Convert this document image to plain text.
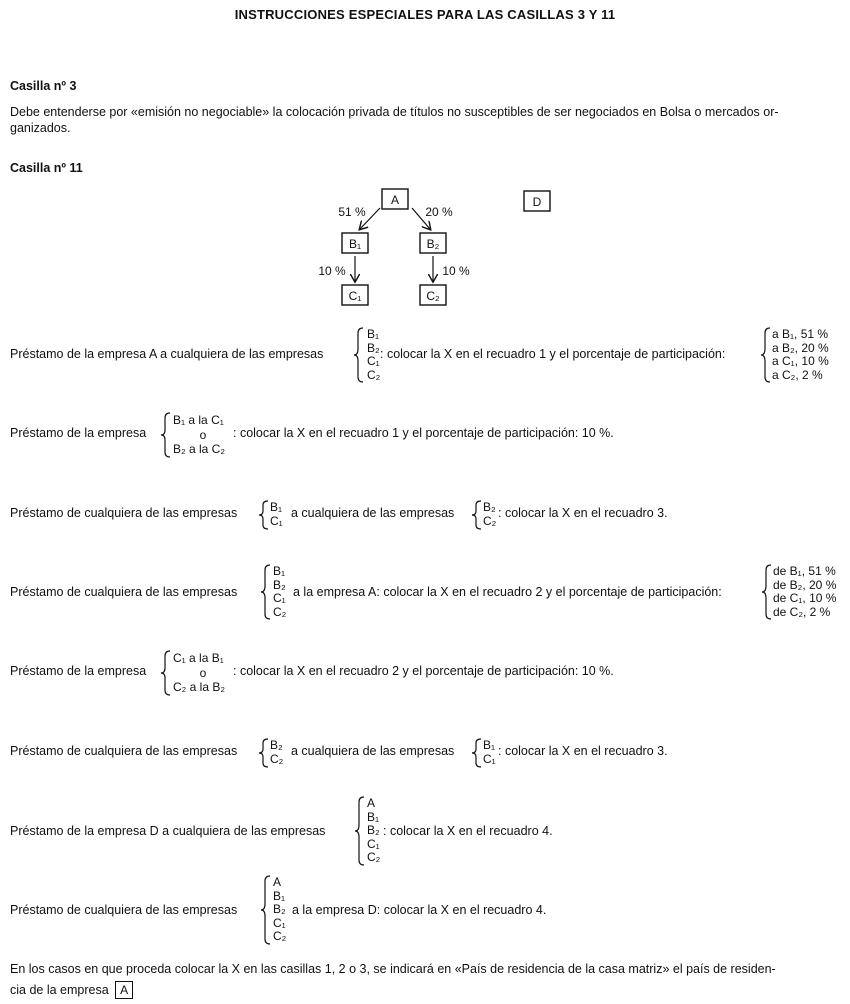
INSTRUCCIONES ESPECIALES PARA LAS CASILLAS 3 Y 11
Casilla nº 3
Debe entenderse por «emisión no negociable» la colocación privada de títulos no susceptibles de ser negociados en Bolsa o mercados or-
ganizados.
Casilla nº 11
A	D
B₁	B₂
C₁	C₂
51 %	20 %
10 %	10 %
Préstamo de la empresa A a cualquiera de las empresas
B₁
B₂
C₁
C₂
: colocar la X en el recuadro 1 y el porcentaje de participación:
a B₁, 51 %
a B₂, 20 %
a C₁, 10 %
a C₂, 2 %
Préstamo de la empresa
B₁ a la C₁
o
B₂ a la C₂
: colocar la X en el recuadro 1 y el porcentaje de participación: 10 %.
Préstamo de cualquiera de las empresas	B₁
C₁
a cualquiera de las empresas B₂
C₂
: colocar la X en el recuadro 3.
Préstamo de cualquiera de las empresas
B₁
B₂
C₁
C₂
a la empresa A: colocar la X en el recuadro 2 y el porcentaje de participación:
de B₁, 51 %
de B₂, 20 %
de C₁, 10 %
de C₂, 2 %
Préstamo de la empresa
C₁ a la B₁
o
C₂ a la B₂
: colocar la X en el recuadro 2 y el porcentaje de participación: 10 %.
Préstamo de cualquiera de las empresas	B₂
C₂
a cualquiera de las empresas B₁
C₁
: colocar la X en el recuadro 3.
Préstamo de la empresa D a cualquiera de las empresas
A
B₁
B₂
C₁
C₂
: colocar la X en el recuadro 4.
Préstamo de cualquiera de las empresas
A
B₁
B₂
C₁
C₂
a la empresa D: colocar la X en el recuadro 4.
En los casos en que proceda colocar la X en las casillas 1, 2 o 3, se indicará en «País de residencia de la casa matriz» el país de residen-
cia de la empresa A
